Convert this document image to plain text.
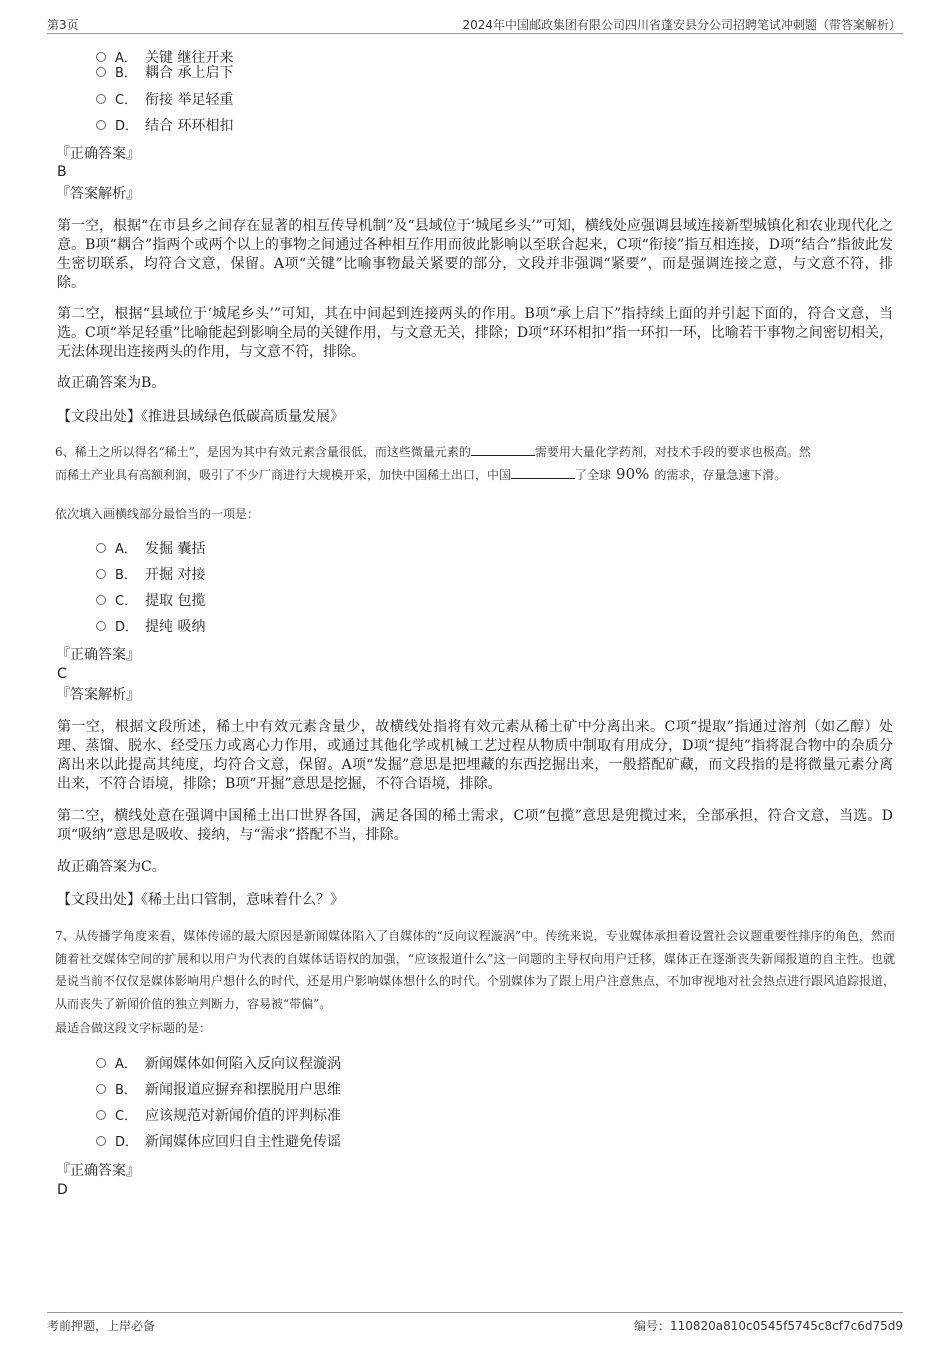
第3页	2024年中国邮政集团有限公司四川省蓬安县分公司招聘笔试冲刺题（带答案解析）
A． 关键 继往开来
B． 耦合 承上启下
C． 衔接 举足轻重
D． 结合 环环相扣
『正确答案』
B
『答案解析』
第一空，根据“在市县乡之间存在显著的相互传导机制”及“县域位于‘城尾乡头’”可知，横线处应强调县域连接新型城镇化和农业现代化之意。B项“耦合”指两个或两个以上的事物之间通过各种相互作用而彼此影响以至联合起来，C项“衔接”指互相连接，D项“结合”指彼此发生密切联系，均符合文意，保留。A项“关键”比喻事物最关紧要的部分，文段并非强调“紧要”，而是强调连接之意，与文意不符，排除。
第二空，根据“县域位于‘城尾乡头’”可知，其在中间起到连接两头的作用。B项“承上启下”指持续上面的并引起下面的，符合文意，当选。C项“举足轻重”比喻能起到影响全局的关键作用，与文意无关，排除；D项“环环相扣”指一环扣一环，比喻若干事物之间密切相关，无法体现出连接两头的作用，与文意不符，排除。
故正确答案为B。
【文段出处】《推进县域绿色低碳高质量发展》
6、稀土之所以得名“稀土”，是因为其中有效元素含量很低，而这些微量元素的	需要用大量化学药剂，对技术手段的要求也极高。然
而稀土产业具有高额利润，吸引了不少厂商进行大规模开采，加快中国稀土出口，中国	了全球 90% 的需求，存量急速下滑。
依次填入画横线部分最恰当的一项是：
A． 发掘 囊括
B． 开掘 对接
C． 提取 包揽
D． 提纯 吸纳
『正确答案』
C
『答案解析』
第一空，根据文段所述，稀土中有效元素含量少，故横线处指将有效元素从稀土矿中分离出来。C项“提取”指通过溶剂（如乙醇）处理、蒸馏、脱水、经受压力或离心力作用，或通过其他化学或机械工艺过程从物质中制取有用成分，D项“提纯”指将混合物中的杂质分离出来以此提高其纯度，均符合文意，保留。A项“发掘”意思是把埋藏的东西挖掘出来，一般搭配矿藏，而文段指的是将微量元素分离出来，不符合语境，排除；B项“开掘”意思是挖掘，不符合语境，排除。
第二空，横线处意在强调中国稀土出口世界各国，满足各国的稀土需求，C项“包揽”意思是兜揽过来，全部承担，符合文意，当选。D项“吸纳”意思是吸收、接纳，与“需求”搭配不当，排除。
故正确答案为C。
【文段出处】《稀土出口管制，意味着什么？》
7、从传播学角度来看，媒体传谣的最大原因是新闻媒体陷入了自媒体的“反向议程漩涡”中。传统来说，专业媒体承担着设置社会议题重要性排序的角色，然而随着社交媒体空间的扩展和以用户为代表的自媒体话语权的加强，“应该报道什么”这一问题的主导权向用户迁移，媒体正在逐渐丧失新闻报道的自主性。也就是说当前不仅仅是媒体影响用户想什么的时代，还是用户影响媒体想什么的时代。个别媒体为了跟上用户注意焦点，不加审视地对社会热点进行跟风追踪报道，从而丧失了新闻价值的独立判断力，容易被“带偏”。
最适合做这段文字标题的是：
A． 新闻媒体如何陷入反向议程漩涡
B． 新闻报道应摒弃和摆脱用户思维
C． 应该规范对新闻价值的评判标准
D． 新闻媒体应回归自主性避免传谣
『正确答案』
D
考前押题，上岸必备	编号：110820a810c0545f5745c8cf7c6d75d9
